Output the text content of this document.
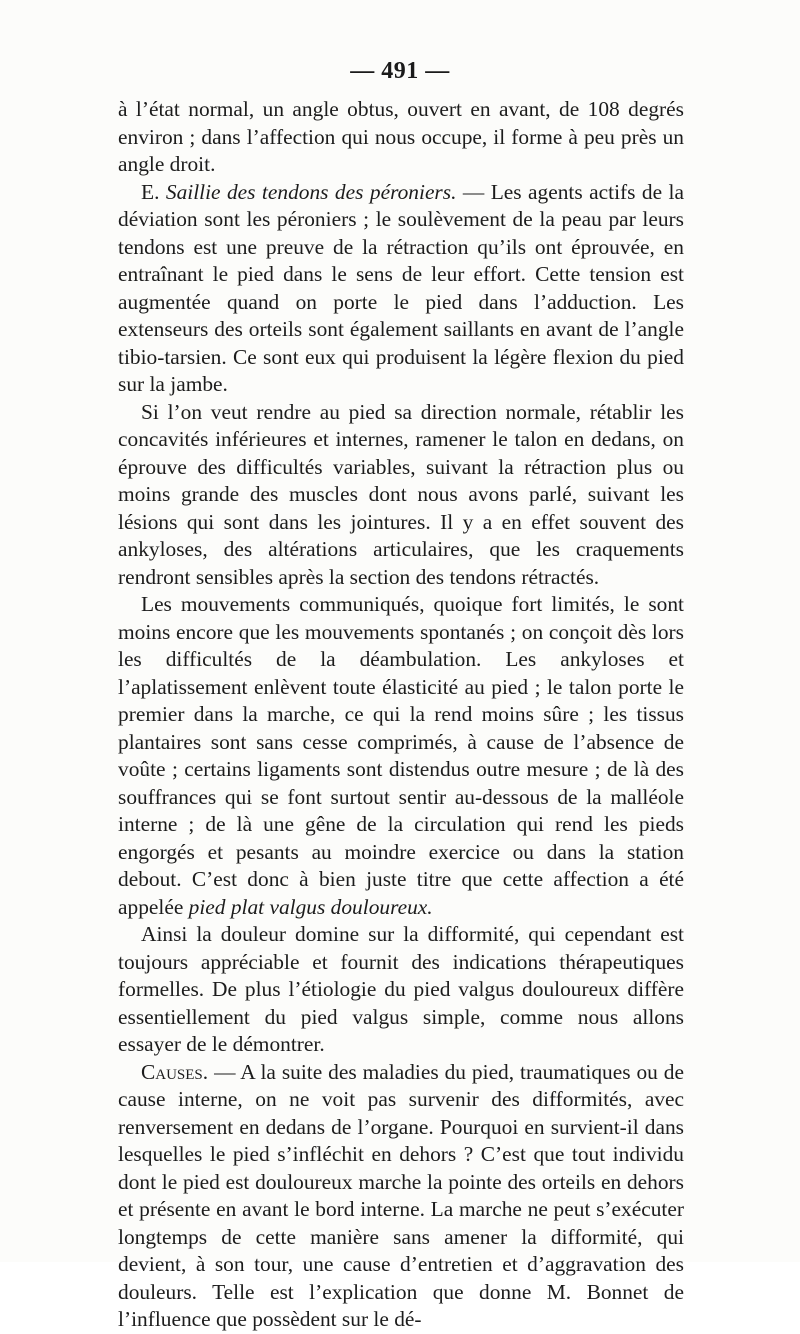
— 491 —

à l’état normal, un angle obtus, ouvert en avant, de 108 degrés environ ; dans l’affection qui nous occupe, il forme à peu près un angle droit.

E. Saillie des tendons des péroniers. — Les agents actifs de la déviation sont les péroniers ; le soulèvement de la peau par leurs tendons est une preuve de la rétraction qu’ils ont éprouvée, en entraînant le pied dans le sens de leur effort. Cette tension est augmentée quand on porte le pied dans l’adduction. Les extenseurs des orteils sont également saillants en avant de l’angle tibio-tarsien. Ce sont eux qui produisent la légère flexion du pied sur la jambe.

Si l’on veut rendre au pied sa direction normale, rétablir les concavités inférieures et internes, ramener le talon en dedans, on éprouve des difficultés variables, suivant la rétraction plus ou moins grande des muscles dont nous avons parlé, suivant les lésions qui sont dans les jointures. Il y a en effet souvent des ankyloses, des altérations articulaires, que les craquements rendront sensibles après la section des tendons rétractés.

Les mouvements communiqués, quoique fort limités, le sont moins encore que les mouvements spontanés ; on conçoit dès lors les difficultés de la déambulation. Les ankyloses et l’aplatissement enlèvent toute élasticité au pied ; le talon porte le premier dans la marche, ce qui la rend moins sûre ; les tissus plantaires sont sans cesse comprimés, à cause de l’absence de voûte ; certains ligaments sont distendus outre mesure ; de là des souffrances qui se font surtout sentir au-dessous de la malléole interne ; de là une gêne de la circulation qui rend les pieds engorgés et pesants au moindre exercice ou dans la station debout. C’est donc à bien juste titre que cette affection a été appelée pied plat valgus douloureux.

Ainsi la douleur domine sur la difformité, qui cependant est toujours appréciable et fournit des indications thérapeutiques formelles. De plus l’étiologie du pied valgus douloureux diffère essentiellement du pied valgus simple, comme nous allons essayer de le démontrer.

Causes. — A la suite des maladies du pied, traumatiques ou de cause interne, on ne voit pas survenir des difformités, avec renversement en dedans de l’organe. Pourquoi en survient-il dans lesquelles le pied s’infléchit en dehors ? C’est que tout individu dont le pied est douloureux marche la pointe des orteils en dehors et présente en avant le bord interne. La marche ne peut s’exécuter longtemps de cette manière sans amener la difformité, qui devient, à son tour, une cause d’entretien et d’aggravation des douleurs. Telle est l’explication que donne M. Bonnet de l’influence que possèdent sur le dé-
